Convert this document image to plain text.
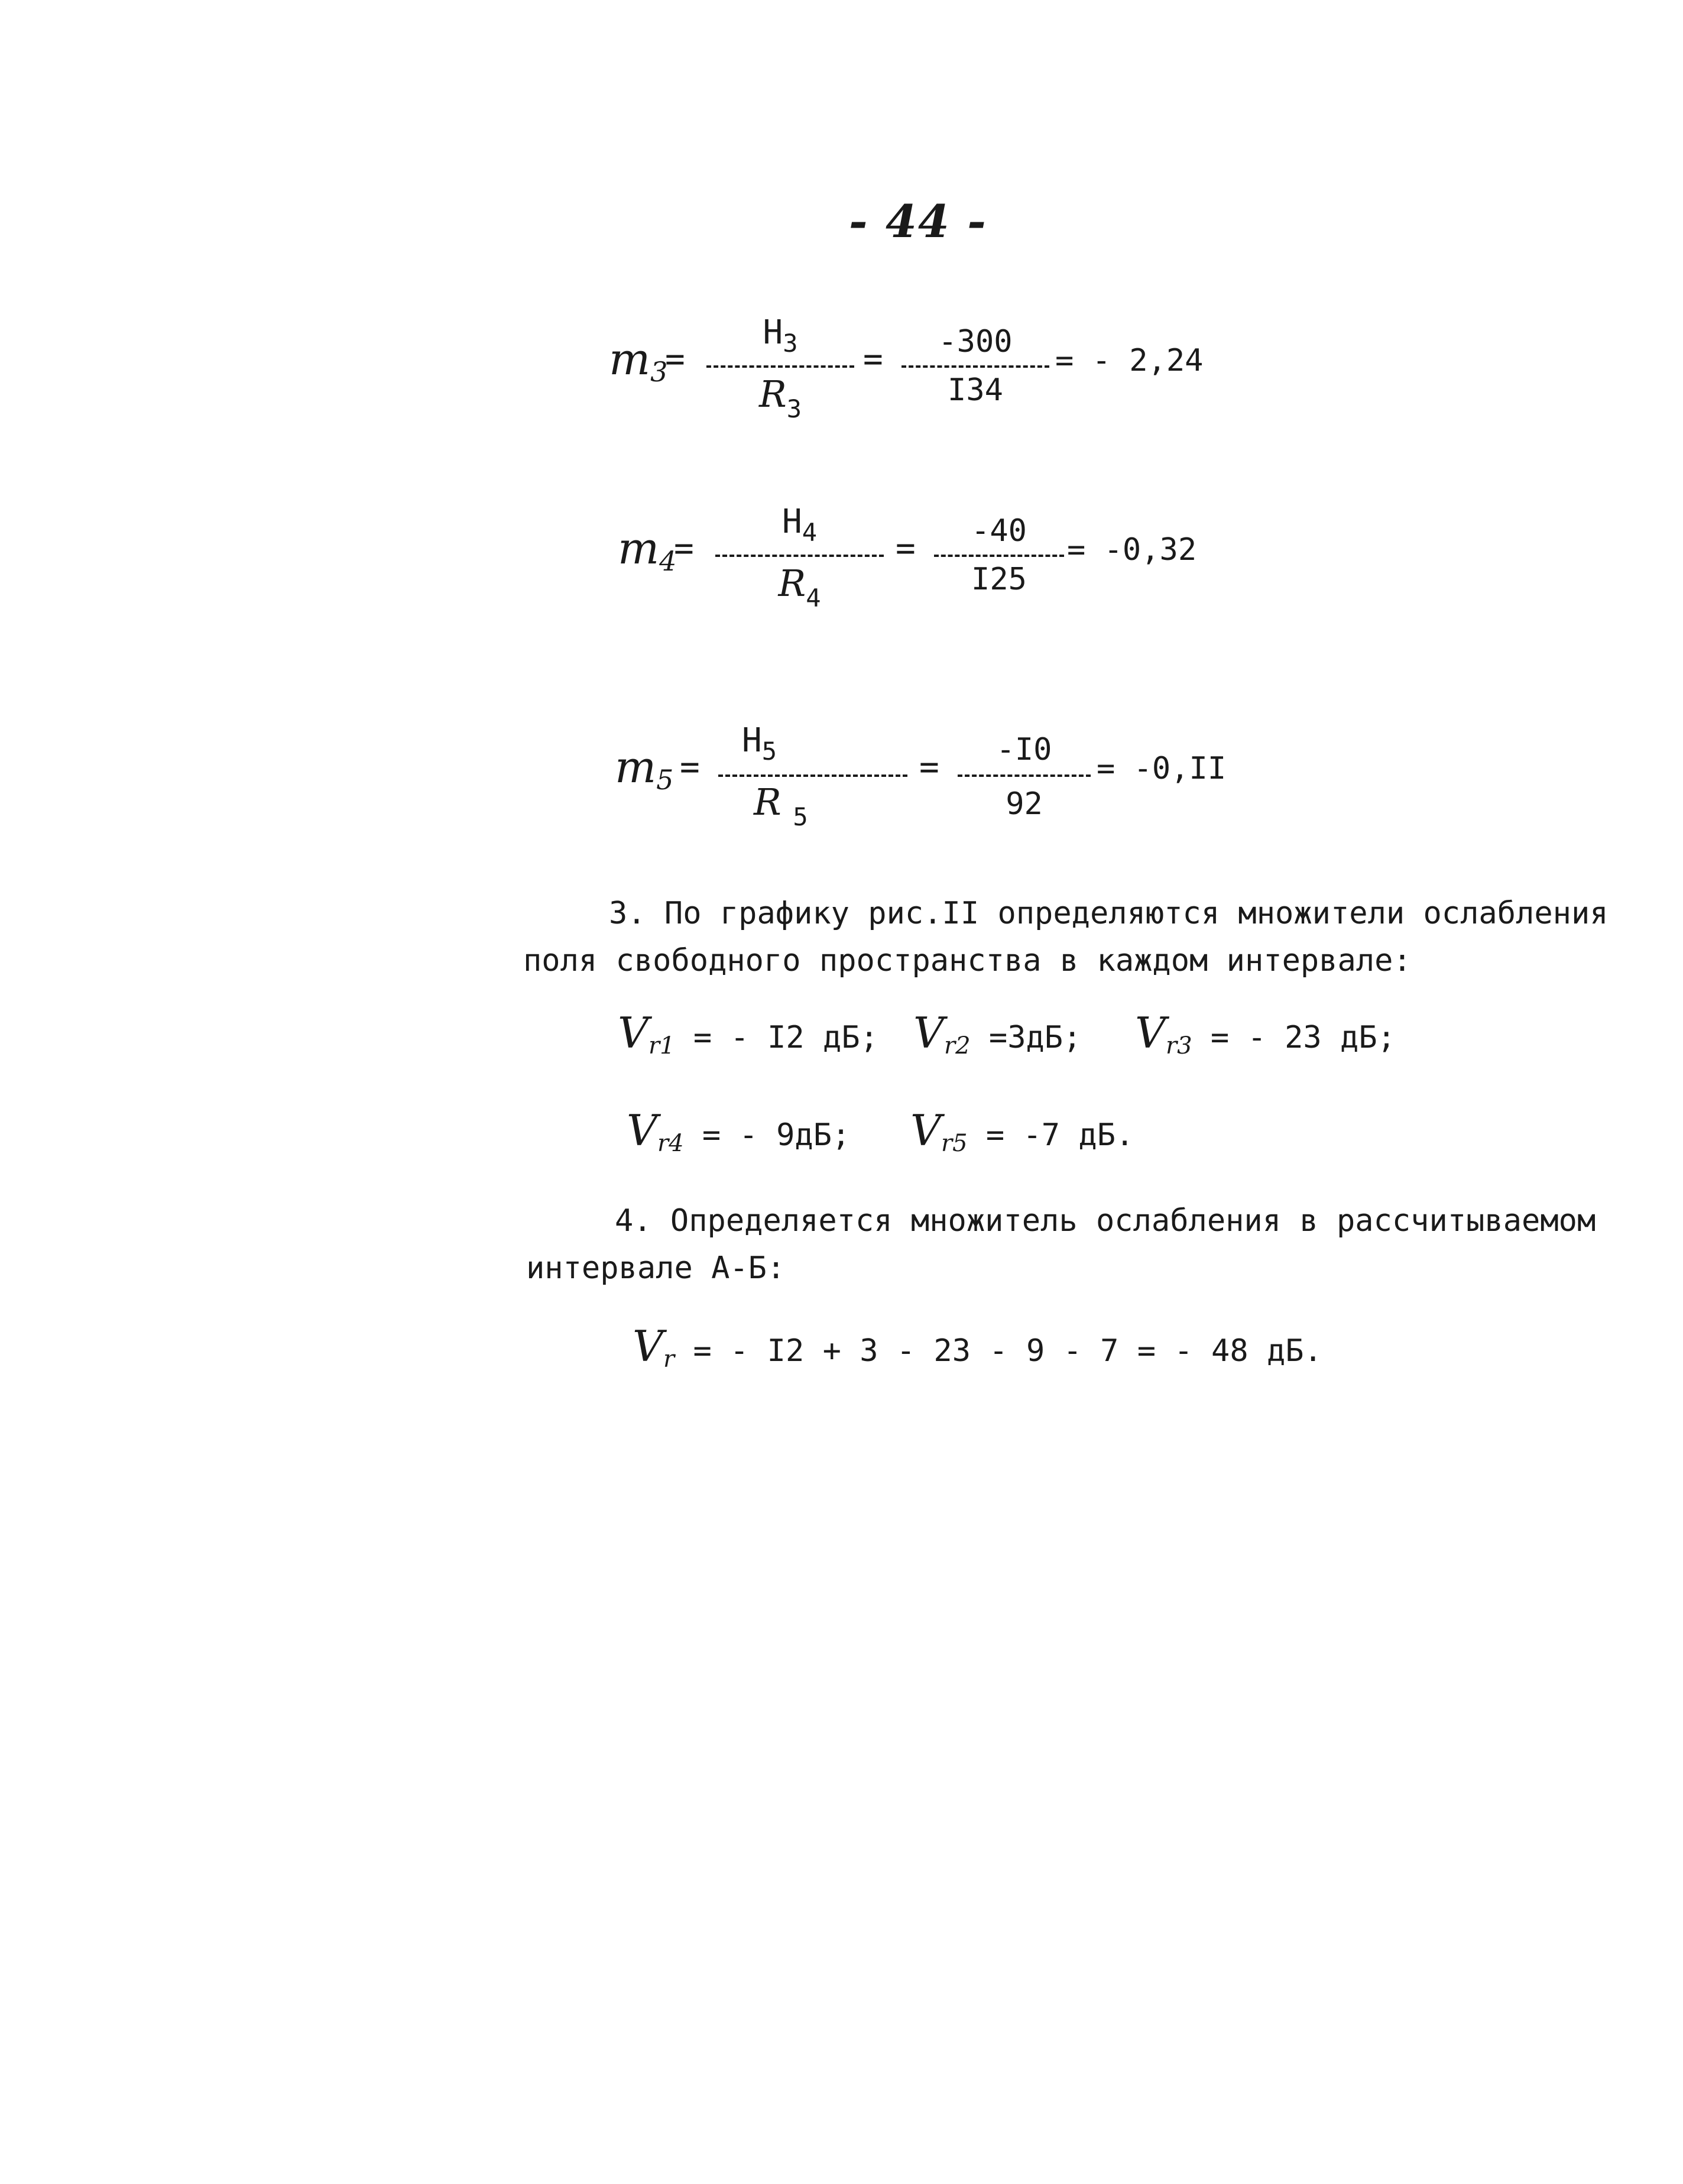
- 44 -
$m_3$
=
$H_3$
$R_3$
=	-300
I34
= - 2,24
$m_4$
=
$H_4$
$R_4$
=	-40
I25
= -0,32
$m_5$ =
$H_5$
R $_5$
=	-I0
92
= -0,II
3. По графику рис.II определяются множители ослабления
поля свободного пространства в каждом интервале:
$V_{r1}$ = - I2 дБ; $V_{r2} =3дБ$; $V_{r3}$ = - 23 дБ;
$V_{r4}$ = - 9дБ; $V_{r5} = -7$ дБ.
4. Определяется множитель ослабления в рассчитываемом
интервале А-Б:
$V_r$ = - I2 + 3 - 23 - 9 - 7 = - 48 дБ.
